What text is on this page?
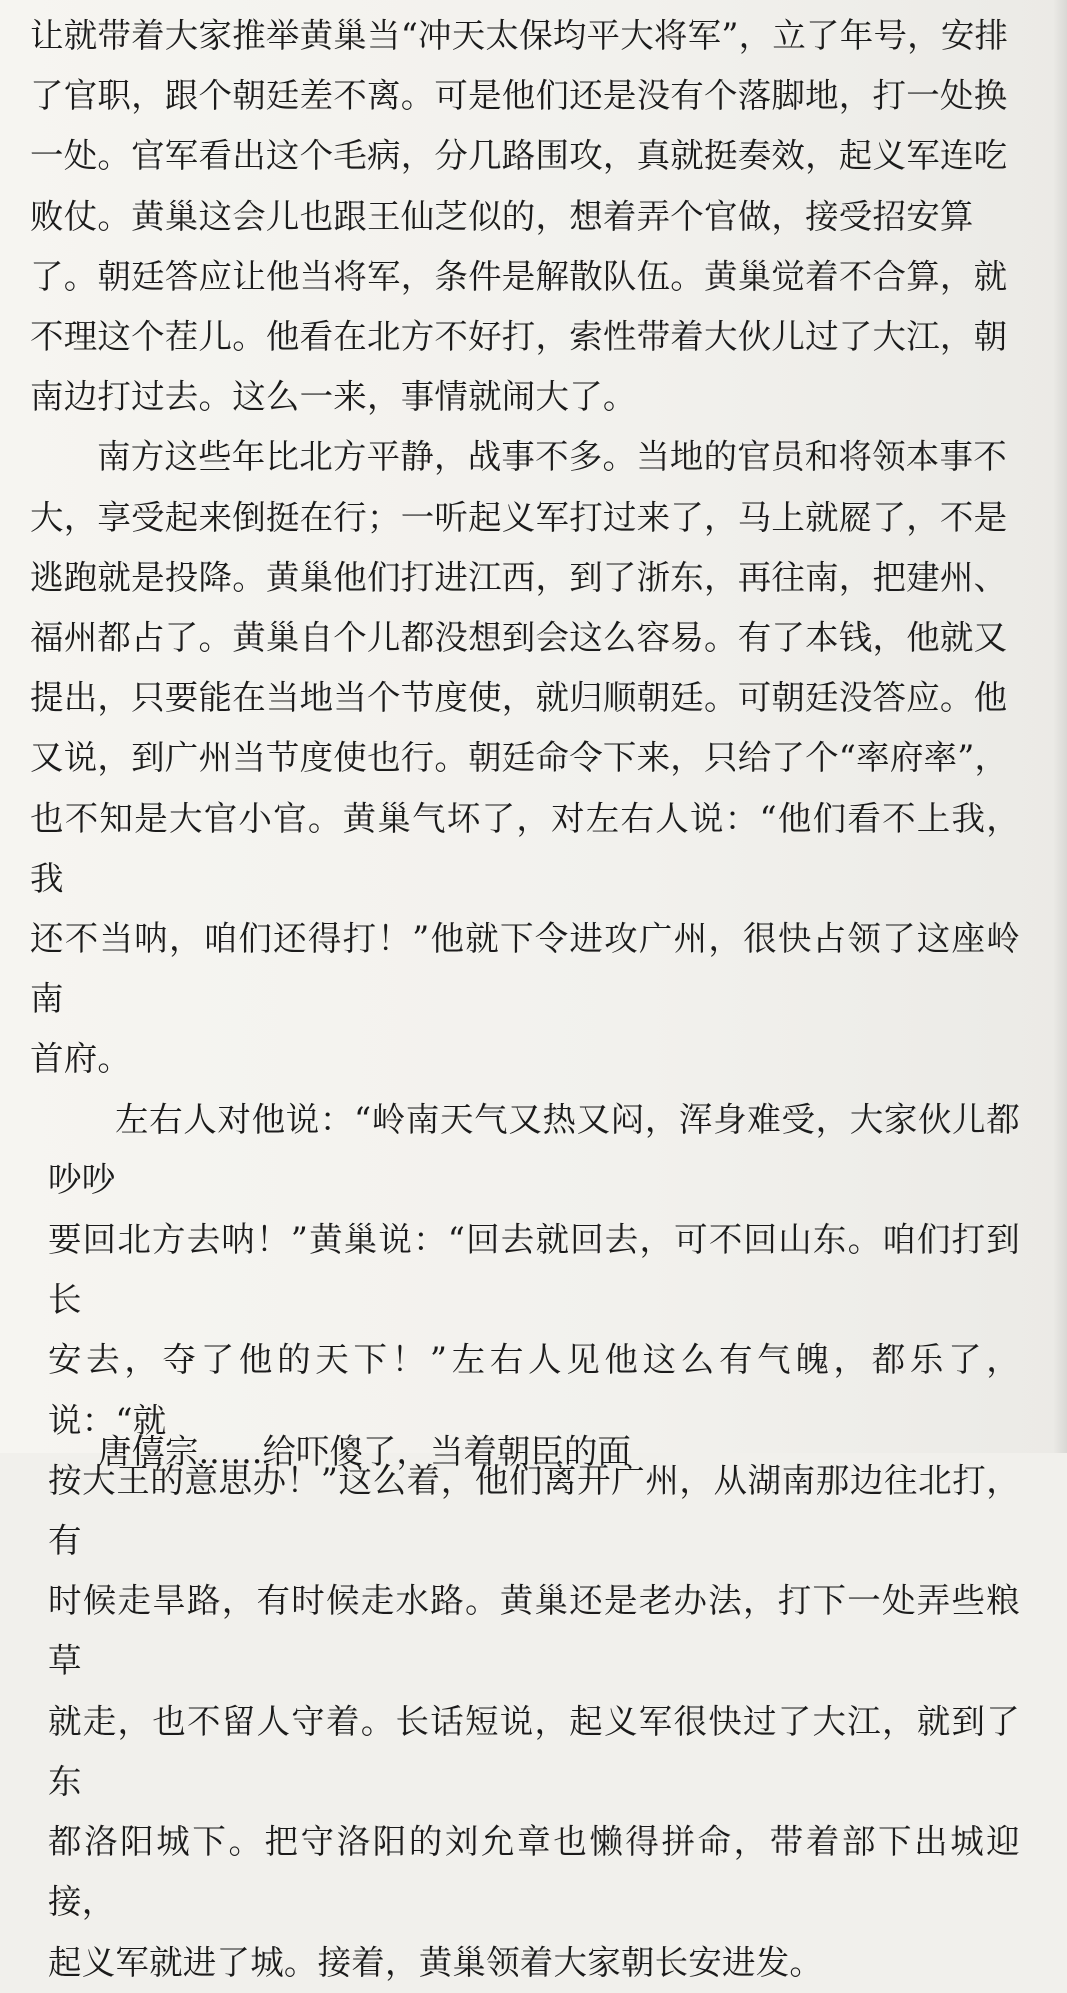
让就带着大家推举黄巢当“冲天太保均平大将军”，立了年号，安排
了官职，跟个朝廷差不离。可是他们还是没有个落脚地，打一处换
一处。官军看出这个毛病，分几路围攻，真就挺奏效，起义军连吃
败仗。黄巢这会儿也跟王仙芝似的，想着弄个官做，接受招安算
了。朝廷答应让他当将军，条件是解散队伍。黄巢觉着不合算，就
不理这个茬儿。他看在北方不好打，索性带着大伙儿过了大江，朝
南边打过去。这么一来，事情就闹大了。
南方这些年比北方平静，战事不多。当地的官员和将领本事不
大，享受起来倒挺在行；一听起义军打过来了，马上就㞞了，不是
逃跑就是投降。黄巢他们打进江西，到了浙东，再往南，把建州、
福州都占了。黄巢自个儿都没想到会这么容易。有了本钱，他就又
提出，只要能在当地当个节度使，就归顺朝廷。可朝廷没答应。他
又说，到广州当节度使也行。朝廷命令下来，只给了个“率府率”，
也不知是大官小官。黄巢气坏了，对左右人说：“他们看不上我，我
还不当呐，咱们还得打！”他就下令进攻广州，很快占领了这座岭南
首府。
左右人对他说：“岭南天气又热又闷，浑身难受，大家伙儿都吵吵
要回北方去呐！”黄巢说：“回去就回去，可不回山东。咱们打到长
安去，夺了他的天下！”左右人见他这么有气魄，都乐了，说：“就
按大王的意思办！”这么着，他们离开广州，从湖南那边往北打，有
时候走旱路，有时候走水路。黄巢还是老办法，打下一处弄些粮草
就走，也不留人守着。长话短说，起义军很快过了大江，就到了东
都洛阳城下。把守洛阳的刘允章也懒得拼命，带着部下出城迎接，
起义军就进了城。接着，黄巢领着大家朝长安进发。
唐僖宗......给吓傻了，当着朝臣的面
